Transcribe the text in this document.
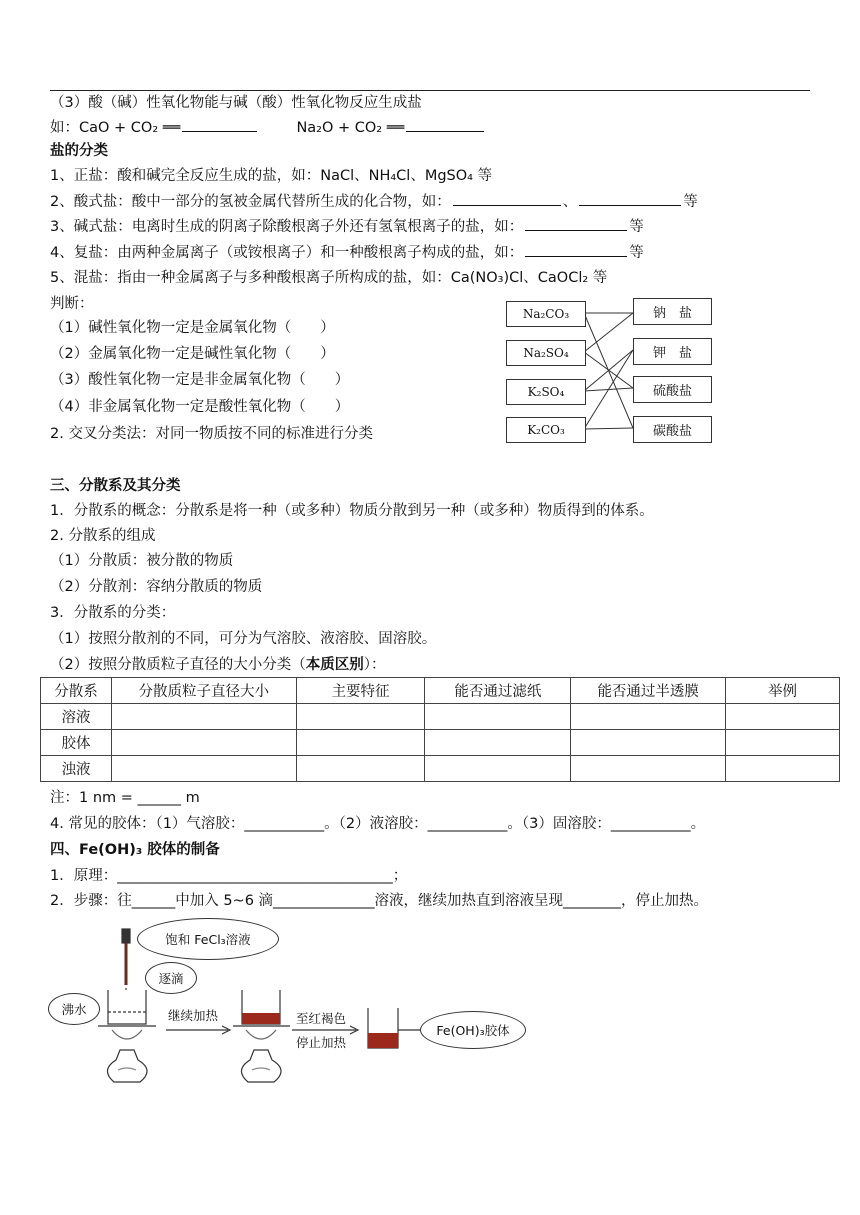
（3）酸（碱）性氧化物能与碱（酸）性氧化物反应生成盐
如：CaO + CO₂ ══	Na₂O + CO₂ ══
盐的分类
1、正盐：酸和碱完全反应生成的盐，如：NaCl、NH₄Cl、MgSO₄ 等
2、酸式盐：酸中一部分的氢被金属代替所生成的化合物，如：	、	等
3、碱式盐：电离时生成的阴离子除酸根离子外还有氢氧根离子的盐，如：	等
4、复盐：由两种金属离子（或铵根离子）和一种酸根离子构成的盐，如：	等
5、混盐：指由一种金属离子与多种酸根离子所构成的盐，如：Ca(NO₃)Cl、CaOCl₂ 等
判断：
（1）碱性氧化物一定是金属氧化物（　　）
（2）金属氧化物一定是碱性氧化物（　　）
（3）酸性氧化物一定是非金属氧化物（　　）
（4）非金属氧化物一定是酸性氧化物（　　）
2. 交叉分类法：对同一物质按不同的标准进行分类
Na₂CO₃
Na₂SO₄
K₂SO₄
K₂CO₃
钠　盐
钾　盐
硫酸盐
碳酸盐
三、分散系及其分类
1．分散系的概念：分散系是将一种（或多种）物质分散到另一种（或多种）物质得到的体系。
2. 分散系的组成
（1）分散质：被分散的物质
（2）分散剂：容纳分散质的物质
3．分散系的分类：
（1）按照分散剂的不同，可分为气溶胶、液溶胶、固溶胶。
（2）按照分散质粒子直径的大小分类（本质区别）：
分散系	分散质粒子直径大小	主要特征	能否通过滤纸	能否通过半透膜	举例
溶液					
胶体					
浊液					
注：1 nm = ______ m
4. 常见的胶体：（1）气溶胶：___________。（2）液溶胶：___________。（3）固溶胶：___________。
四、Fe(OH)₃ 胶体的制备
1．原理：______________________________________；
2．步骤：往______中加入 5~6 滴______________溶液，继续加热直到溶液呈现________，停止加热。
饱和 FeCl₃溶液
逐滴
沸水	继续加热	至红褐色
停止加热
Fe(OH)₃胶体
